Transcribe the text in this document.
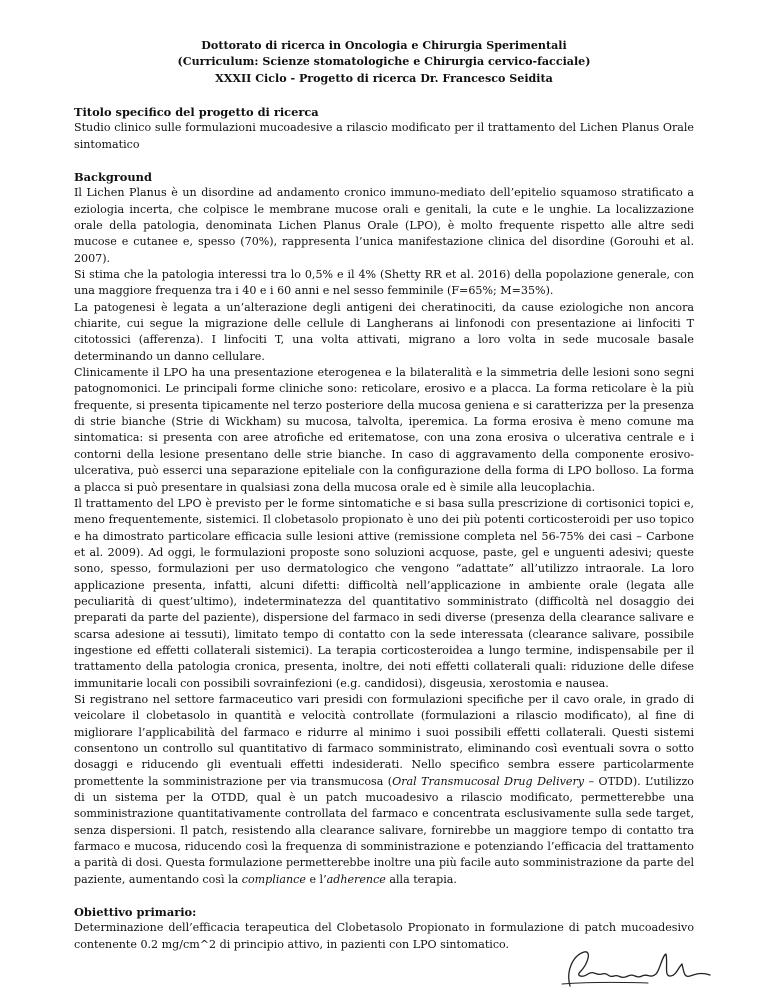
Dottorato di ricerca in Oncologia e Chirurgia Sperimentali
(Curriculum: Scienze stomatologiche e Chirurgia cervico-facciale)
XXXII Ciclo - Progetto di ricerca Dr. Francesco Seidita
Titolo specifico del progetto di ricerca

Studio clinico sulle formulazioni mucoadesive a rilascio modificato per il trattamento del Lichen Planus Orale sintomatico

Background

Il Lichen Planus è un disordine ad andamento cronico immuno-mediato dell’epitelio squamoso stratificato a eziologia incerta, che colpisce le membrane mucose orali e genitali, la cute e le unghie. La localizzazione orale della patologia, denominata Lichen Planus Orale (LPO), è molto frequente rispetto alle altre sedi mucose e cutanee e, spesso (70%), rappresenta l’unica manifestazione clinica del disordine (Gorouhi et al. 2007).

Si stima che la patologia interessi tra lo 0,5% e il 4% (Shetty RR et al. 2016) della popolazione generale, con una maggiore frequenza tra i 40 e i 60 anni e nel sesso femminile (F=65%; M=35%).

La patogenesi è legata a un’alterazione degli antigeni dei cheratinociti, da cause eziologiche non ancora chiarite, cui segue la migrazione delle cellule di Langherans ai linfonodi con presentazione ai linfociti T citotossici (afferenza). I linfociti T, una volta attivati, migrano a loro volta in sede mucosale basale determinando un danno cellulare.

Clinicamente il LPO ha una presentazione eterogenea e la bilateralità e la simmetria delle lesioni sono segni patognomonici. Le principali forme cliniche sono: reticolare, erosivo e a placca. La forma reticolare è la più frequente, si presenta tipicamente nel terzo posteriore della mucosa geniena e si caratterizza per la presenza di strie bianche (Strie di Wickham) su mucosa, talvolta, iperemica. La forma erosiva è meno comune ma sintomatica: si presenta con aree atrofiche ed eritematose, con una zona erosiva o ulcerativa centrale e i contorni della lesione presentano delle strie bianche. In caso di aggravamento della componente erosivo-ulcerativa, può esserci una separazione epiteliale con la configurazione della forma di LPO bolloso. La forma a placca si può presentare in qualsiasi zona della mucosa orale ed è simile alla leucoplachia.

Il trattamento del LPO è previsto per le forme sintomatiche e si basa sulla prescrizione di cortisonici topici e, meno frequentemente, sistemici. Il clobetasolo propionato è uno dei più potenti corticosteroidi per uso topico e ha dimostrato particolare efficacia sulle lesioni attive (remissione completa nel 56-75% dei casi – Carbone et al. 2009). Ad oggi, le formulazioni proposte sono soluzioni acquose, paste, gel e unguenti adesivi; queste sono, spesso, formulazioni per uso dermatologico che vengono “adattate” all’utilizzo intraorale. La loro applicazione presenta, infatti, alcuni difetti: difficoltà nell’applicazione in ambiente orale (legata alle peculiarità di quest’ultimo), indeterminatezza del quantitativo somministrato (difficoltà nel dosaggio dei preparati da parte del paziente), dispersione del farmaco in sedi diverse (presenza della clearance salivare e scarsa adesione ai tessuti), limitato tempo di contatto con la sede interessata (clearance salivare, possibile ingestione ed effetti collaterali sistemici). La terapia corticosteroidea a lungo termine, indispensabile per il trattamento della patologia cronica, presenta, inoltre, dei noti effetti collaterali quali: riduzione delle difese immunitarie locali con possibili sovrainfezioni (e.g. candidosi), disgeusia, xerostomia e nausea.

Si registrano nel settore farmaceutico vari presidi con formulazioni specifiche per il cavo orale, in grado di veicolare il clobetasolo in quantità e velocità controllate (formulazioni a rilascio modificato), al fine di migliorare l’applicabilità del farmaco e ridurre al minimo i suoi possibili effetti collaterali. Questi sistemi consentono un controllo sul quantitativo di farmaco somministrato, eliminando così eventuali sovra o sotto dosaggi e riducendo gli eventuali effetti indesiderati. Nello specifico sembra essere particolarmente promettente la somministrazione per via transmucosa (Oral Transmucosal Drug Delivery – OTDD). L’utilizzo di un sistema per la OTDD, qual è un patch mucoadesivo a rilascio modificato, permetterebbe una somministrazione quantitativamente controllata del farmaco e concentrata esclusivamente sulla sede target, senza dispersioni. Il patch, resistendo alla clearance salivare, fornirebbe un maggiore tempo di contatto tra farmaco e mucosa, riducendo così la frequenza di somministrazione e potenziando l’efficacia del trattamento a parità di dosi. Questa formulazione permetterebbe inoltre una più facile auto somministrazione da parte del paziente, aumentando così la compliance e l’adherence alla terapia.

Obiettivo primario:

Determinazione dell’efficacia terapeutica del Clobetasolo Propionato in formulazione di patch mucoadesivo contenente 0.2 mg/cm^2 di principio attivo, in pazienti con LPO sintomatico.
